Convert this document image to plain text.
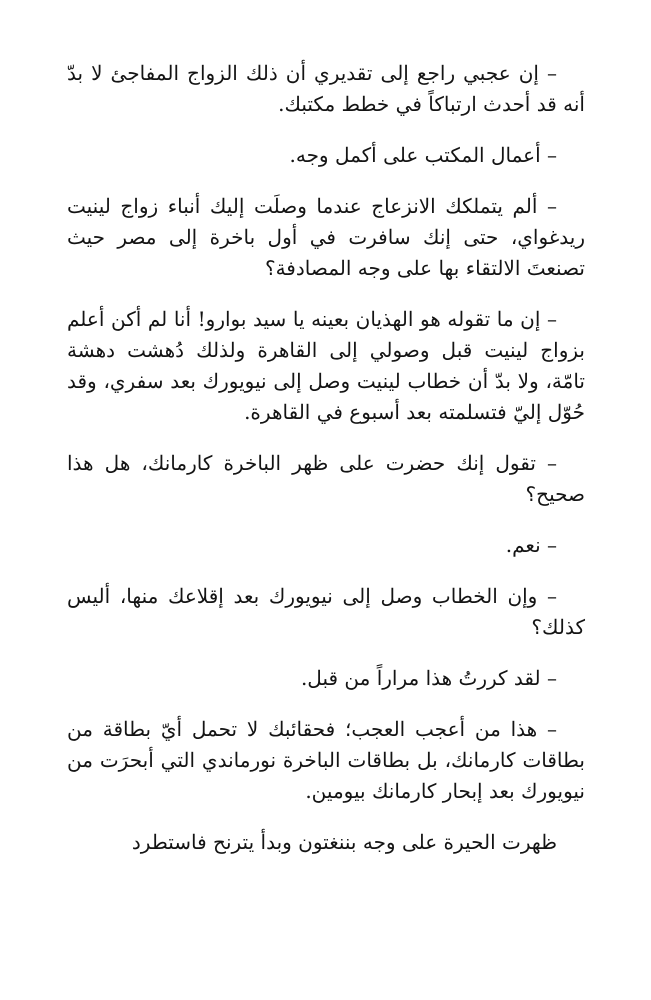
– إن عجبي راجع إلى تقديري أن ذلك الزواج المفاجئ لا بدّ أنه قد أحدث ارتباكاً في خطط مكتبك.

– أعمال المكتب على أكمل وجه.

– ألم يتملكك الانزعاج عندما وصلَت إليك أنباء زواج لينيت ريدغواي، حتى إنك سافرت في أول باخرة إلى مصر حيث تصنعتَ الالتقاء بها على وجه المصادفة؟

– إن ما تقوله هو الهذيان بعينه يا سيد بوارو! أنا لم أكن أعلم بزواج لينيت قبل وصولي إلى القاهرة ولذلك دُهشت دهشة تامّة، ولا بدّ أن خطاب لينيت وصل إلى نيويورك بعد سفري، وقد حُوّل إليّ فتسلمته بعد أسبوع في القاهرة.

– تقول إنك حضرت على ظهر الباخرة كارمانك، هل هذا صحيح؟

– نعم.

– وإن الخطاب وصل إلى نيويورك بعد إقلاعك منها، أليس كذلك؟

– لقد كررتُ هذا مراراً من قبل.

– هذا من أعجب العجب؛ فحقائبك لا تحمل أيّ بطاقة من بطاقات كارمانك، بل بطاقات الباخرة نورماندي التي أبحرَت من نيويورك بعد إبحار كارمانك بيومين.

ظهرت الحيرة على وجه بننغتون وبدأ يترنح فاستطرد
